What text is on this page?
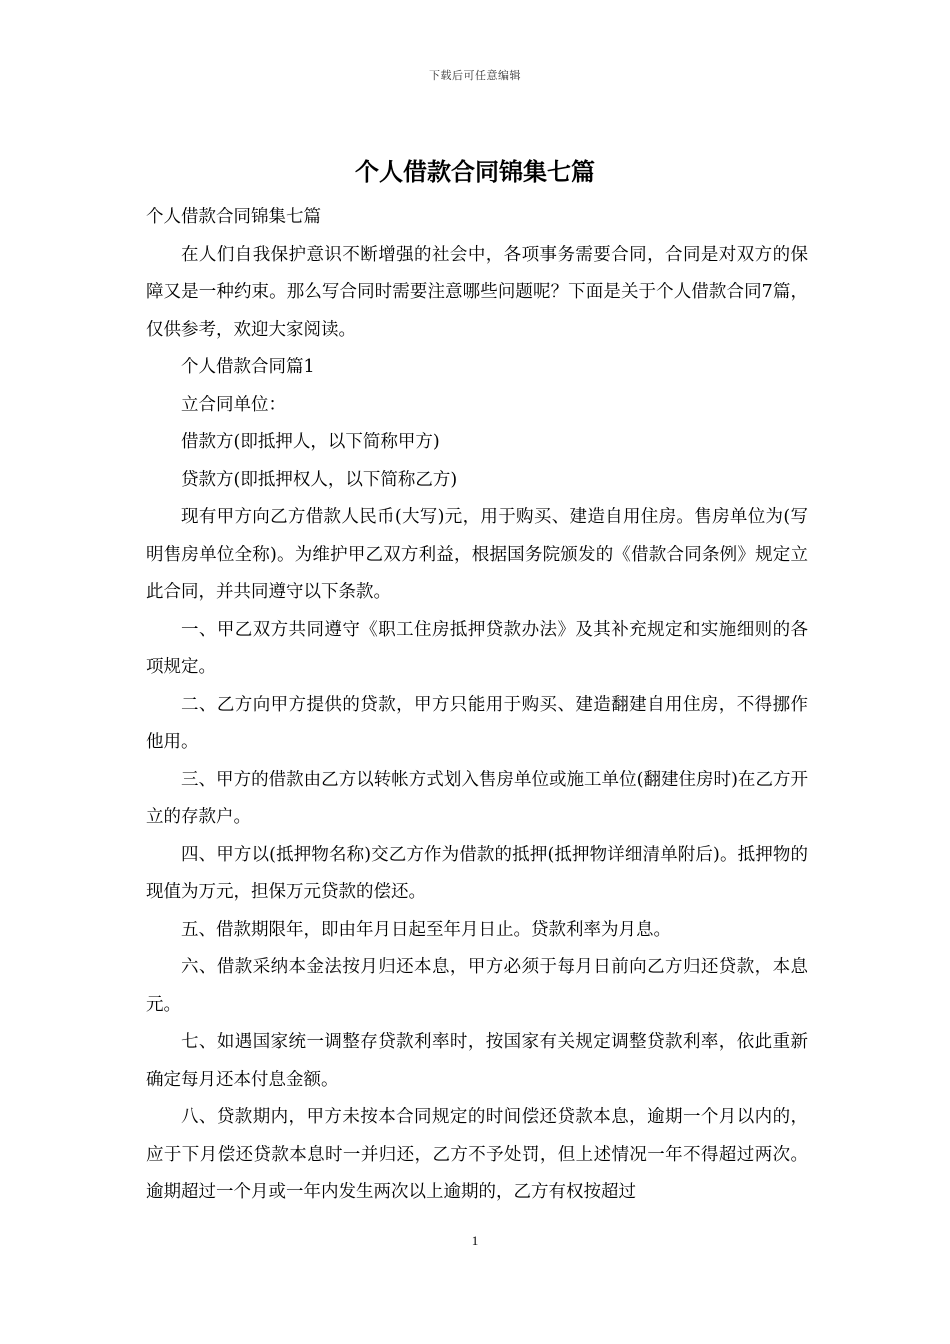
下载后可任意编辑
个人借款合同锦集七篇

个人借款合同锦集七篇

在人们自我保护意识不断增强的社会中，各项事务需要合同，合同是对双方的保障又是一种约束。那么写合同时需要注意哪些问题呢？下面是关于个人借款合同7篇，仅供参考，欢迎大家阅读。

个人借款合同篇1

立合同单位：

借款方(即抵押人，以下简称甲方)

贷款方(即抵押权人，以下简称乙方)

现有甲方向乙方借款人民币(大写)元，用于购买、建造自用住房。售房单位为(写明售房单位全称)。为维护甲乙双方利益，根据国务院颁发的《借款合同条例》规定立此合同，并共同遵守以下条款。

一、甲乙双方共同遵守《职工住房抵押贷款办法》及其补充规定和实施细则的各项规定。

二、乙方向甲方提供的贷款，甲方只能用于购买、建造翻建自用住房，不得挪作他用。

三、甲方的借款由乙方以转帐方式划入售房单位或施工单位(翻建住房时)在乙方开立的存款户。

四、甲方以(抵押物名称)交乙方作为借款的抵押(抵押物详细清单附后)。抵押物的现值为万元，担保万元贷款的偿还。

五、借款期限年，即由年月日起至年月日止。贷款利率为月息。

六、借款采纳本金法按月归还本息，甲方必须于每月日前向乙方归还贷款，本息元。

七、如遇国家统一调整存贷款利率时，按国家有关规定调整贷款利率，依此重新确定每月还本付息金额。

八、贷款期内，甲方未按本合同规定的时间偿还贷款本息，逾期一个月以内的，应于下月偿还贷款本息时一并归还，乙方不予处罚，但上述情况一年不得超过两次。逾期超过一个月或一年内发生两次以上逾期的，乙方有权按超过

1
